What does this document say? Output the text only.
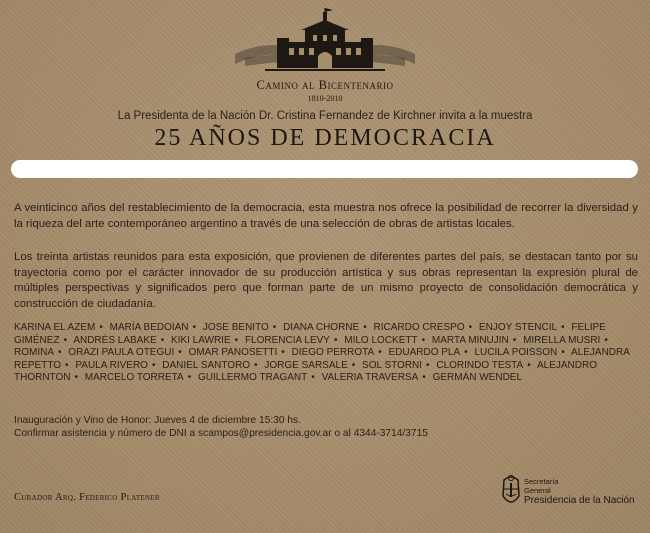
Camino al Bicentenario
1810-2010
La Presidenta de la Nación Dr. Cristina Fernandez de Kirchner invita a la muestra
25 AÑOS DE DEMOCRACIA

A veinticinco años del restablecimiento de la democracia, esta muestra nos ofrece la posibilidad de recorrer la diversidad y la riqueza del arte contemporáneo argentino a través de una selección de obras de artistas locales.

Los treinta artistas reunidos para esta exposición, que provienen de diferentes partes del país, se destacan tanto por su trayectoria como por el carácter innovador de su producción artística y sus obras representan la expresión plural de múltiples perspectivas y significados pero que forman parte de un mismo proyecto de consolidación democrática y construcción de ciudadanía.

KARINA EL AZEM • MARÍA BEDOIAN • JOSE BENITO • DIANA CHORNE • RICARDO CRESPO • ENJOY STENCIL • FELIPE GIMÉNEZ • ANDRÉS LABAKE • KIKI LAWRIE • FLORENCIA LEVY • MILO LOCKETT • MARTA MINUJIN • MIRELLA MUSRI • ROMINA • ORAZI PAULA OTEGUI • OMAR PANOSETTI • DIEGO PERROTA • EDUARDO PLA • LUCILA POISSON • ALEJANDRA REPETTO • PAULA RIVERO • DANIEL SANTORO • JORGE SARSALE • SOL STORNI • CLORINDO TESTA • ALEJANDRO THORNTON • MARCELO TORRETA • GUILLERMO TRAGANT • VALERIA TRAVERSA • GERMÁN WENDEL

Inauguración y Vino de Honor: Jueves 4 de diciembre 15:30 hs.
Confirmar asistencia y número de DNI a scampos@presidencia.gov.ar o al 4344-3714/3715
Curador Arq. Federico Platener
Secretaría
General
Presidencia de la Nación
